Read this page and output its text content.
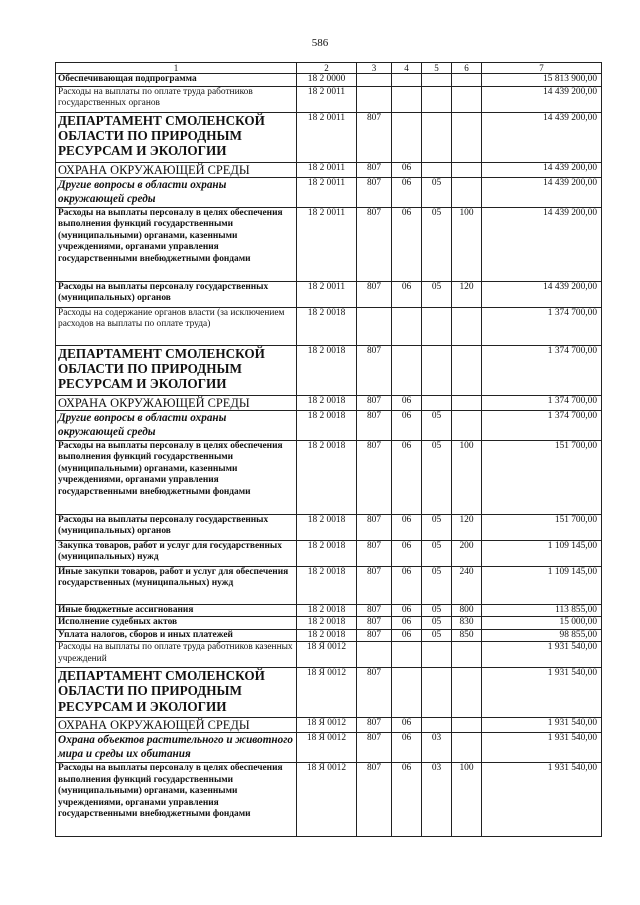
586
1	2	3	4	5	6	7
Обеспечивающая подпрограмма	18 2 0000					15 813 900,00
Расходы на выплаты по оплате труда работников государственных органов	18 2 0011					14 439 200,00
ДЕПАРТАМЕНТ СМОЛЕНСКОЙ ОБЛАСТИ ПО ПРИРОДНЫМ РЕСУРСАМ И ЭКОЛОГИИ	18 2 0011	807				14 439 200,00
ОХРАНА ОКРУЖАЮЩЕЙ СРЕДЫ	18 2 0011	807	06			14 439 200,00
Другие вопросы в области охраны окружающей среды	18 2 0011	807	06	05		14 439 200,00
Расходы на выплаты персоналу в целях обеспечения выполнения функций государственными (муниципальными) органами, казенными учреждениями, органами управления государственными внебюджетными фондами	18 2 0011	807	06	05	100	14 439 200,00
Расходы на выплаты персоналу государственных (муниципальных) органов	18 2 0011	807	06	05	120	14 439 200,00
Расходы на содержание органов власти (за исключением расходов на выплаты по оплате труда)	18 2 0018					1 374 700,00
ДЕПАРТАМЕНТ СМОЛЕНСКОЙ ОБЛАСТИ ПО ПРИРОДНЫМ РЕСУРСАМ И ЭКОЛОГИИ	18 2 0018	807				1 374 700,00
ОХРАНА ОКРУЖАЮЩЕЙ СРЕДЫ	18 2 0018	807	06			1 374 700,00
Другие вопросы в области охраны окружающей среды	18 2 0018	807	06	05		1 374 700,00
Расходы на выплаты персоналу в целях обеспечения выполнения функций государственными (муниципальными) органами, казенными учреждениями, органами управления государственными внебюджетными фондами	18 2 0018	807	06	05	100	151 700,00
Расходы на выплаты персоналу государственных (муниципальных) органов	18 2 0018	807	06	05	120	151 700,00
Закупка товаров, работ и услуг для государственных (муниципальных) нужд	18 2 0018	807	06	05	200	1 109 145,00
Иные закупки товаров, работ и услуг для обеспечения государственных (муниципальных) нужд	18 2 0018	807	06	05	240	1 109 145,00
Иные бюджетные ассигнования	18 2 0018	807	06	05	800	113 855,00
Исполнение судебных актов	18 2 0018	807	06	05	830	15 000,00
Уплата налогов, сборов и иных платежей	18 2 0018	807	06	05	850	98 855,00
Расходы на выплаты по оплате труда работников казенных учреждений	18 Я 0012					1 931 540,00
ДЕПАРТАМЕНТ СМОЛЕНСКОЙ ОБЛАСТИ ПО ПРИРОДНЫМ РЕСУРСАМ И ЭКОЛОГИИ	18 Я 0012	807				1 931 540,00
ОХРАНА ОКРУЖАЮЩЕЙ СРЕДЫ	18 Я 0012	807	06			1 931 540,00
Охрана объектов растительного и животного мира и среды их обитания	18 Я 0012	807	06	03		1 931 540,00
Расходы на выплаты персоналу в целях обеспечения выполнения функций государственными (муниципальными) органами, казенными учреждениями, органами управления государственными внебюджетными фондами	18 Я 0012	807	06	03	100	1 931 540,00
